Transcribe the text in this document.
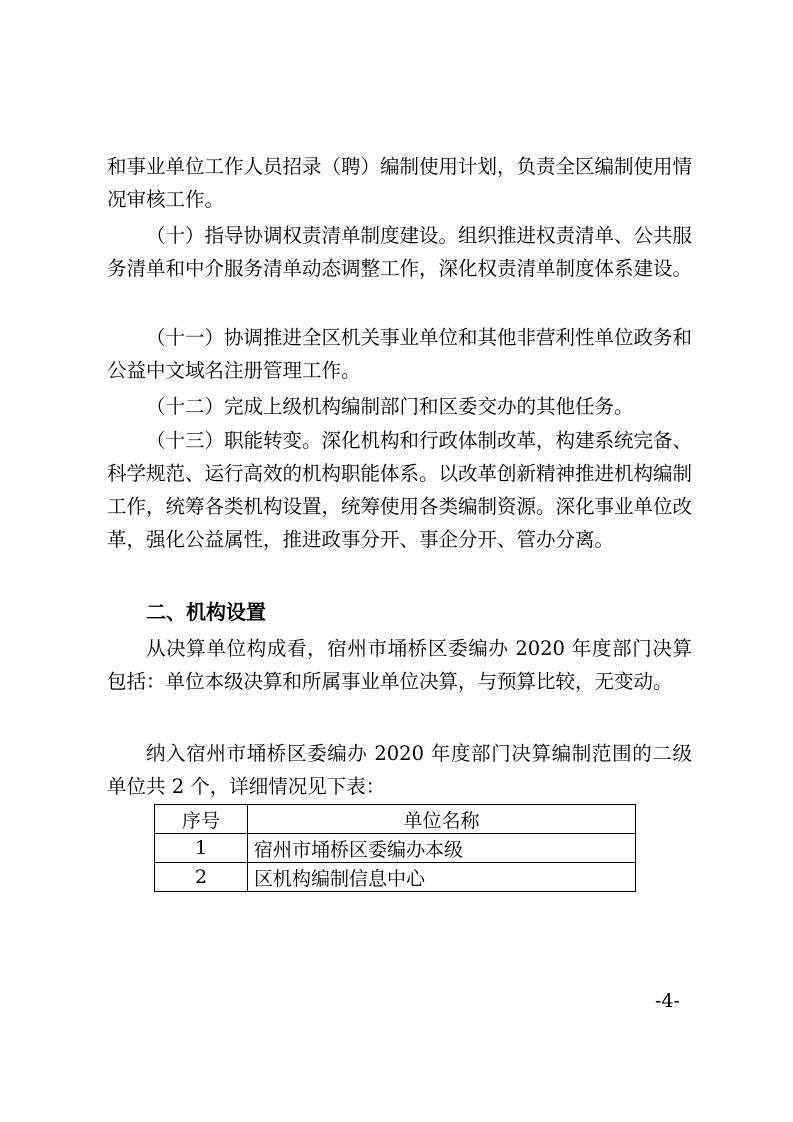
和事业单位工作人员招录（聘）编制使用计划，负责全区编制使用情况审核工作。

（十）指导协调权责清单制度建设。组织推进权责清单、公共服务清单和中介服务清单动态调整工作，深化权责清单制度体系建设。

（十一）协调推进全区机关事业单位和其他非营利性单位政务和公益中文域名注册管理工作。

（十二）完成上级机构编制部门和区委交办的其他任务。

（十三）职能转变。深化机构和行政体制改革，构建系统完备、科学规范、运行高效的机构职能体系。以改革创新精神推进机构编制工作，统筹各类机构设置，统筹使用各类编制资源。深化事业单位改革，强化公益属性，推进政事分开、事企分开、管办分离。

二、机构设置

从决算单位构成看，宿州市埇桥区委编办 2020 年度部门决算包括：单位本级决算和所属事业单位决算，与预算比较，无变动。

纳入宿州市埇桥区委编办 2020 年度部门决算编制范围的二级单位共 2 个，详细情况见下表：

序号	单位名称
1	宿州市埇桥区委编办本级
2	区机构编制信息中心

-4-
